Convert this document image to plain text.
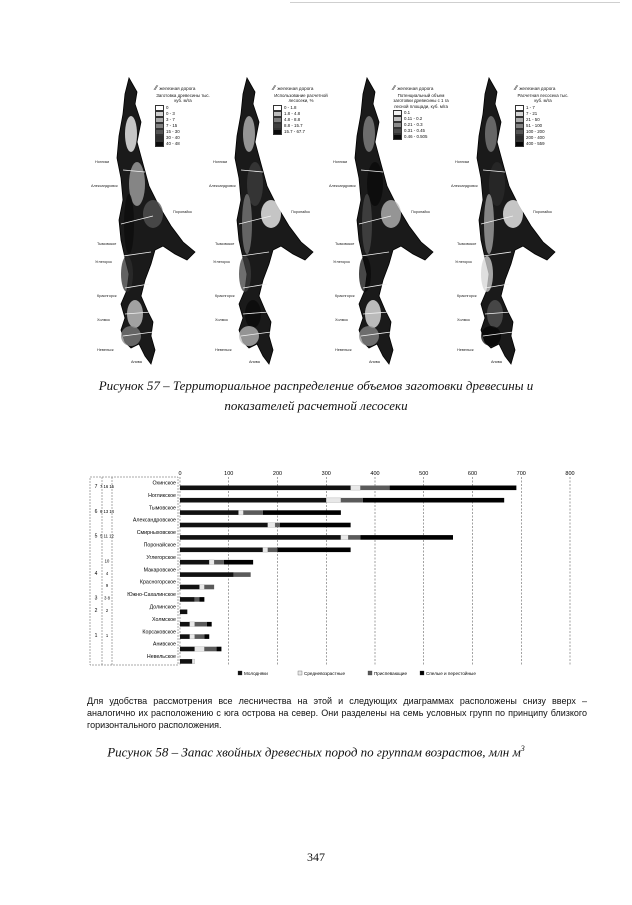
∕∕ железная дорога
Заготовка древесины тыс. куб. м/га
0
0 - 3
3 - 7
7 - 15
15 - 30
30 - 40
40 - 48
Ноглики
Александровск
Тымовское
Поронайск
Углегорск
Краснгорск
Холмск
Анива
Невельск
∕∕ железная дорога
Использование расчетной лесосеки, %
0 - 1.8
1.8 - 4.8
4.8 - 8.8
8.8 - 15.7
15.7 - 67.7
Ноглики
Александровск
Тымовское
Поронайск
Углегорск
Краснгорск
Холмск
Анива
Невельск
∕∕ железная дорога
Потенциальный объем заготовки древесины с 1 га лесной площади, куб. м/га
0.1
0.11 - 0.2
0.21 - 0.3
0.31 - 0.45
0.46 - 0.505
Ноглики
Александровск
Тымовское
Поронайск
Углегорск
Краснгорск
Холмск
Анива
Невельск
∕∕ железная дорога
Расчетная лесосека тыс. куб. м/га
1 - 7
7 - 21
21 - 50
51 - 100
100 - 200
200 - 400
400 - 559
Ноглики
Александровск
Тымовское
Поронайск
Углегорск
Краснгорск
Холмск
Анива
Невельск
Рисунок 57 – Территориальное распределение объемов заготовки древесины и
показателей расчетной лесосеки
0	100	200	300	400	500	600	700	800
Охинское
7 7 16 15
Ногликское
Тымовское
6 6 13 14
Александровское
Смирныховское
5 5 11 12
Поронайское
Углегорское
10
Макаровское
4 4
Красногорское
9
Южно-Сахалинское
3 3 8
Долинское
2 2
Холмское
Корсаковское
1 1
Анивское
Невельское
Молодняки	Средневозрастные	Приспевающие	Спелые и перестойные
Для удобства рассмотрения все лесничества на этой и следующих диаграммах расположены снизу вверх – аналогично их расположению с юга острова на север. Они разделены на семь условных групп по принципу близкого горизонтального расположения.
Рисунок 58 – Запас хвойных древесных пород по группам возрастов, млн $м^3$
347
